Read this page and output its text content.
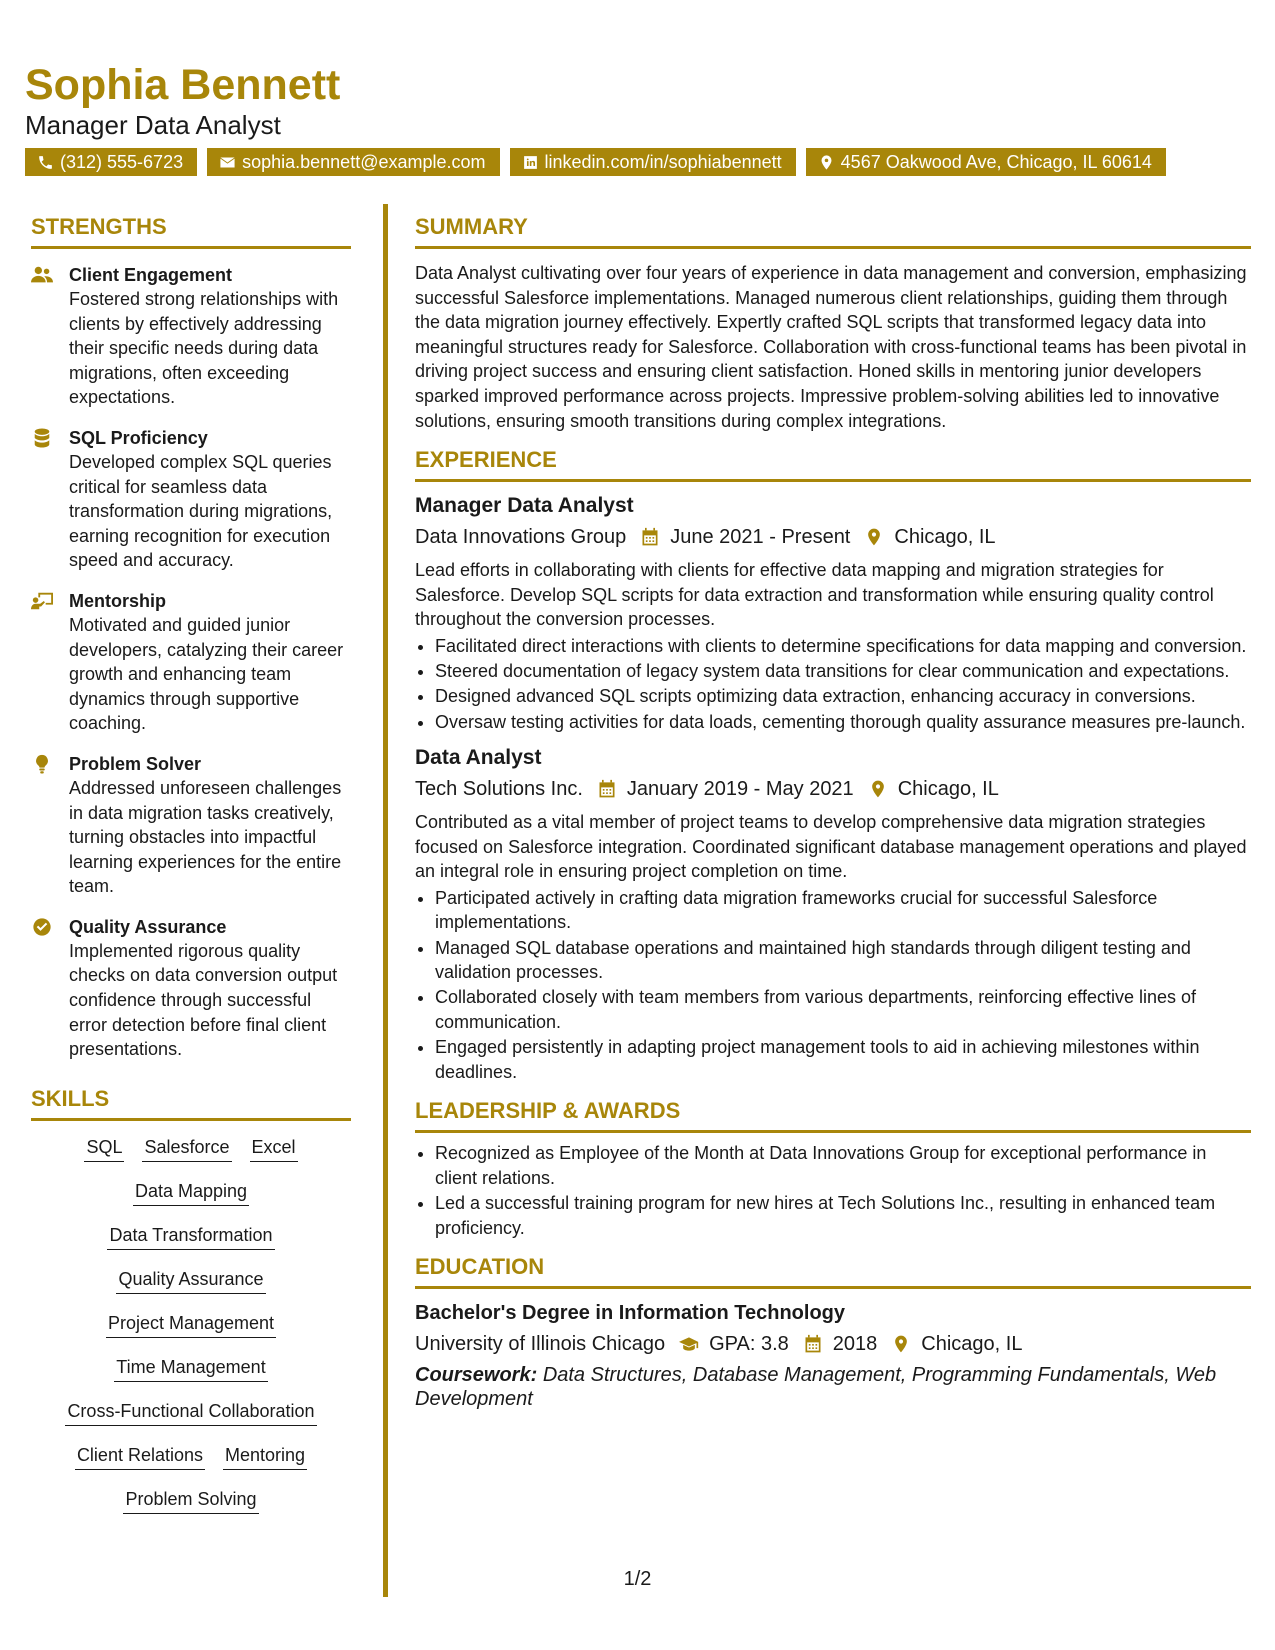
Sophia Bennett
Manager Data Analyst
(312) 555-6723	sophia.bennett@example.com	linkedin.com/in/sophiabennett	4567 Oakwood Ave, Chicago, IL 60614
STRENGTHS
Client Engagement
Fostered strong relationships with clients by effectively addressing their specific needs during data migrations, often exceeding expectations.
SQL Proficiency
Developed complex SQL queries critical for seamless data transformation during migrations, earning recognition for execution speed and accuracy.
Mentorship
Motivated and guided junior developers, catalyzing their career growth and enhancing team dynamics through supportive coaching.
Problem Solver
Addressed unforeseen challenges in data migration tasks creatively, turning obstacles into impactful learning experiences for the entire team.
Quality Assurance
Implemented rigorous quality checks on data conversion output confidence through successful error detection before final client presentations.
SKILLS
SQL Salesforce Excel
Data Mapping
Data Transformation
Quality Assurance
Project Management
Time Management
Cross-Functional Collaboration
Client Relations Mentoring
Problem Solving
SUMMARY

Data Analyst cultivating over four years of experience in data management and conversion, emphasizing successful Salesforce implementations. Managed numerous client relationships, guiding them through the data migration journey effectively. Expertly crafted SQL scripts that transformed legacy data into meaningful structures ready for Salesforce. Collaboration with cross-functional teams has been pivotal in driving project success and ensuring client satisfaction. Honed skills in mentoring junior developers sparked improved performance across projects. Impressive problem-solving abilities led to innovative solutions, ensuring smooth transitions during complex integrations.

EXPERIENCE
Manager Data Analyst
Data Innovations Group June 2021 - Present Chicago, IL

Lead efforts in collaborating with clients for effective data mapping and migration strategies for Salesforce. Develop SQL scripts for data extraction and transformation while ensuring quality control throughout the conversion processes.

• Facilitated direct interactions with clients to determine specifications for data mapping and conversion.
• Steered documentation of legacy system data transitions for clear communication and expectations.
• Designed advanced SQL scripts optimizing data extraction, enhancing accuracy in conversions.
• Oversaw testing activities for data loads, cementing thorough quality assurance measures pre-launch.
Data Analyst
Tech Solutions Inc. January 2019 - May 2021 Chicago, IL

Contributed as a vital member of project teams to develop comprehensive data migration strategies focused on Salesforce integration. Coordinated significant database management operations and played an integral role in ensuring project completion on time.

• Participated actively in crafting data migration frameworks crucial for successful Salesforce implementations.
• Managed SQL database operations and maintained high standards through diligent testing and validation processes.
• Collaborated closely with team members from various departments, reinforcing effective lines of communication.
• Engaged persistently in adapting project management tools to aid in achieving milestones within deadlines.
LEADERSHIP & AWARDS
• Recognized as Employee of the Month at Data Innovations Group for exceptional performance in client relations.
• Led a successful training program for new hires at Tech Solutions Inc., resulting in enhanced team proficiency.
EDUCATION
Bachelor's Degree in Information Technology
University of Illinois Chicago GPA: 3.8 2018 Chicago, IL
Coursework: Data Structures, Database Management, Programming Fundamentals, Web Development
1/2
